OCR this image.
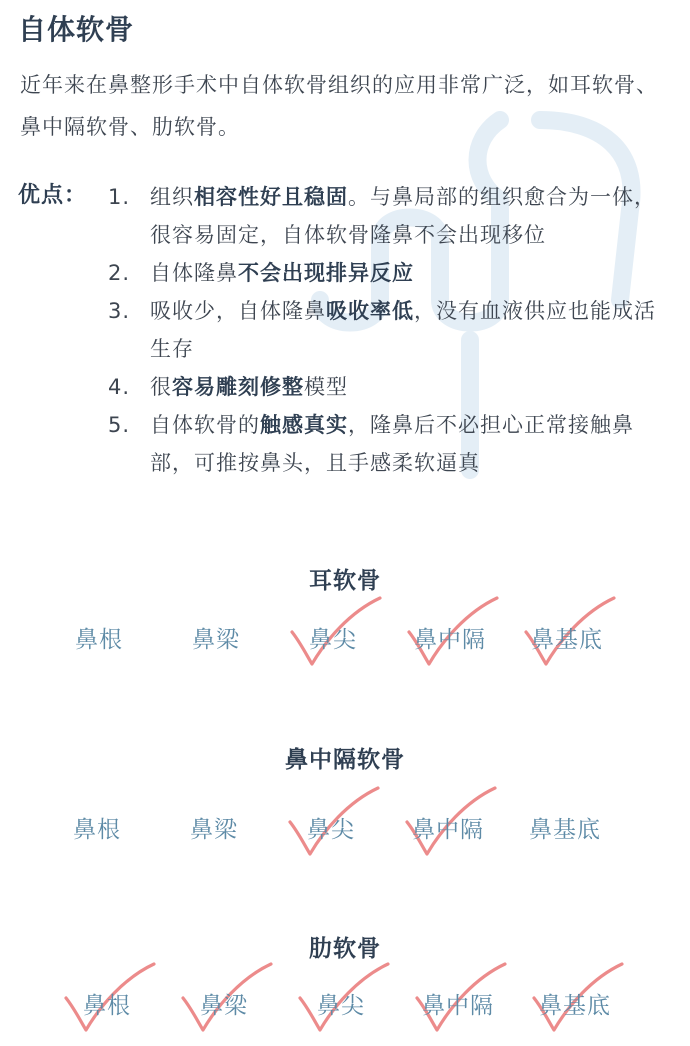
自体软骨

近年来在鼻整形手术中自体软骨组织的应用非常广泛，如耳软骨、鼻中隔软骨、肋软骨。

优点： 1. 组织相容性好且稳固。与鼻局部的组织愈合为一体，很容易固定，自体软骨隆鼻不会出现移位
2. 自体隆鼻不会出现排异反应
3. 吸收少，自体隆鼻吸收率低，没有血液供应也能成活生存
4. 很容易雕刻修整模型
5. 自体软骨的触感真实，隆鼻后不必担心正常接触鼻部，可推按鼻头，且手感柔软逼真
耳软骨
鼻根	鼻梁	鼻尖	鼻中隔	鼻基底
鼻中隔软骨
鼻根	鼻梁	鼻尖	鼻中隔	鼻基底
肋软骨
鼻根	鼻梁	鼻尖	鼻中隔	鼻基底
